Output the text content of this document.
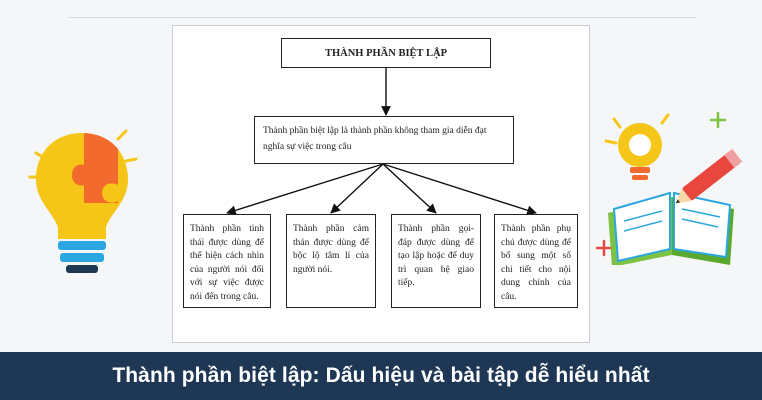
THÀNH PHẦN BIỆT LẬP
Thành phần biệt lập là thành phần không tham gia diễn đạt nghĩa sự việc trong câu
Thành phần tình thái được dùng để thể hiện cách nhìn của người nói đối với sự việc được nói đến trong câu.
Thành phần cảm thán được dùng để bộc lộ tâm lí của người nói.
Thành phần gọi-đáp được dùng để tạo lập hoặc để duy trì quan hệ giao tiếp.
Thành phần phụ chú được dùng để bổ sung một số chi tiết cho nội dung chính của câu.
Thành phần biệt lập: Dấu hiệu và bài tập dễ hiểu nhất
